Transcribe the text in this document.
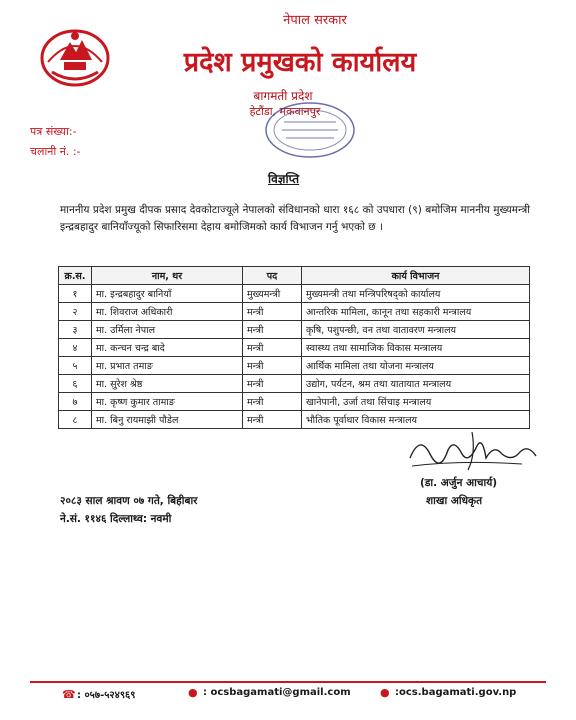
नेपाल सरकार
प्रदेश प्रमुखको कार्यालय
बागमती प्रदेश
हेटौंडा, मकवानपुर
पत्र संख्या:-
चलानी नं. :-
विज्ञप्ति
माननीय प्रदेश प्रमुख दीपक प्रसाद देवकोटाज्यूले नेपालको संविधानको धारा १६८ को उपधारा (९) बमोजिम माननीय मुख्यमन्त्री इन्द्रबहादुर बानियाँज्यूको सिफारिसमा देहाय बमोजिमको कार्य विभाजन गर्नु भएको छ ।
क्र.स.	नाम, थर	पद	कार्य विभाजन
१	मा. इन्द्रबहादुर बानियाँ	मुख्यमन्त्री	मुख्यमन्त्री तथा मन्त्रिपरिषद्को कार्यालय
२	मा. शिवराज अधिकारी	मन्त्री	आन्तरिक मामिला, कानून तथा सहकारी मन्त्रालय
३	मा. उर्मिला नेपाल	मन्त्री	कृषि, पशुपन्छी, वन तथा वातावरण मन्त्रालय
४	मा. कन्चन चन्द्र बादे	मन्त्री	स्वास्थ्य तथा सामाजिक विकास मन्त्रालय
५	मा. प्रभात तमाङ	मन्त्री	आर्थिक मामिला तथा योजना मन्त्रालय
६	मा. सुरेश श्रेष्ठ	मन्त्री	उद्योग, पर्यटन, श्रम तथा यातायात मन्त्रालय
७	मा. कृष्ण कुमार तामाङ	मन्त्री	खानेपानी, उर्जा तथा सिंचाइ मन्त्रालय
८	मा. बिनु रायमाझी पौडेल	मन्त्री	भौतिक पूर्वाधार विकास मन्त्रालय
(डा. अर्जुन आचार्य)
शाखा अधिकृत
२०८३ साल श्रावण ०७ गते, बिहीबार
ने.सं. ११४६ दिल्लाथ्व: नवमी
☎ : ०५७-५२४९६९	● : ocsbagamati@gmail.com	● :ocs.bagamati.gov.np
